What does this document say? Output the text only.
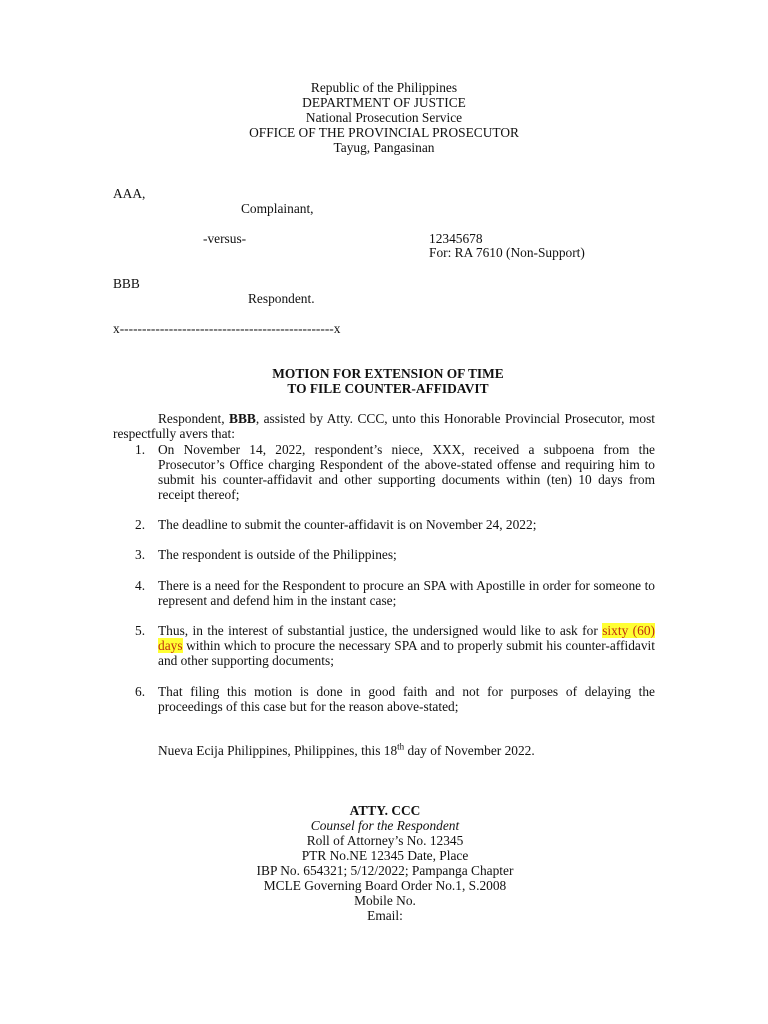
Republic of the Philippines
DEPARTMENT OF JUSTICE
National Prosecution Service
OFFICE OF THE PROVINCIAL PROSECUTOR
Tayug, Pangasinan
AAA,
Complainant,
-versus-	12345678
For: RA 7610 (Non-Support)
BBB
Respondent.
x------------------------------------------------x
MOTION FOR EXTENSION OF TIME
TO FILE COUNTER-AFFIDAVIT
Respondent, BBB, assisted by Atty. CCC, unto this Honorable Provincial Prosecutor, most respectfully avers that:
1. On November 14, 2022, respondent’s niece, XXX, received a subpoena from the Prosecutor’s Office charging Respondent of the above-stated offense and requiring him to submit his counter-affidavit and other supporting documents within (ten) 10 days from receipt thereof;
2. The deadline to submit the counter-affidavit is on November 24, 2022;
3. The respondent is outside of the Philippines;
4. There is a need for the Respondent to procure an SPA with Apostille in order for someone to represent and defend him in the instant case;
5. Thus, in the interest of substantial justice, the undersigned would like to ask for sixty (60) days within which to procure the necessary SPA and to properly submit his counter-affidavit and other supporting documents;
6. That filing this motion is done in good faith and not for purposes of delaying the proceedings of this case but for the reason above-stated;
Nueva Ecija Philippines, Philippines, this 18th day of November 2022.
ATTY. CCC
Counsel for the Respondent
Roll of Attorney’s No. 12345
PTR No.NE 12345 Date, Place
IBP No. 654321; 5/12/2022; Pampanga Chapter
MCLE Governing Board Order No.1, S.2008
Mobile No.
Email:
